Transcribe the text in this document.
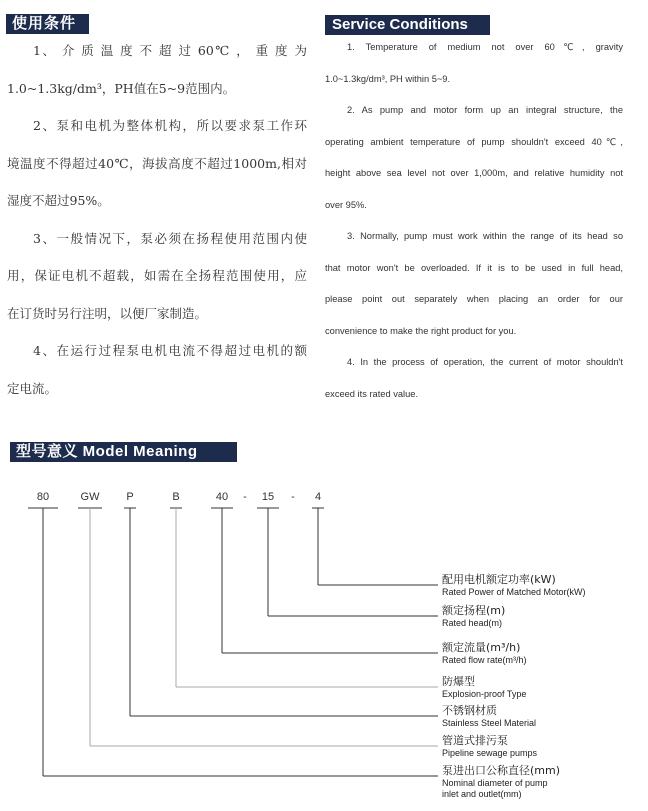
使用条件
1、 介 质 温 度 不 超 过 60℃ ， 重 度 为
1.0~1.3kg/dm³，PH值在5~9范围内。
2、泵和电机为整体机构，所以要求泵工作环
境温度不得超过40℃，海拔高度不超过1000m,相对
湿度不超过95%。
3、一般情况下，泵必须在扬程使用范围内使
用，保证电机不超载，如需在全扬程范围使用，应
在订货时另行注明，以便厂家制造。
4、在运行过程泵电机电流不得超过电机的额
定电流。
Service Conditions
1. Temperature of medium not over 60℃, gravity
1.0~1.3kg/dm³, PH within 5~9.
2. As pump and motor form up an integral structure, the
operating ambient temperature of pump shouldn't exceed 40℃,
height above sea level not over 1,000m, and relative humidity not
over 95%.
3. Normally, pump must work within the range of its head so
that motor won't be overloaded. If it is to be used in full head,
please point out separately when placing an order for our
convenience to make the right product for you.
4. In the process of operation, the current of motor shouldn't
exceed its rated value.
型号意义 Model Meaning
80	GW P	B	40 - 15 - 4
配用电机额定功率(kW)
Rated Power of Matched Motor(kW)
额定扬程(m)
Rated head(m)
额定流量(m³/h)
Rated flow rate(m³/h)
防爆型
Explosion-proof Type
不锈钢材质
Stainless Steel Material
管道式排污泵
Pipeline sewage pumps
泵进出口公称直径(mm)
Nominal diameter of pump
inlet and outlet(mm)
